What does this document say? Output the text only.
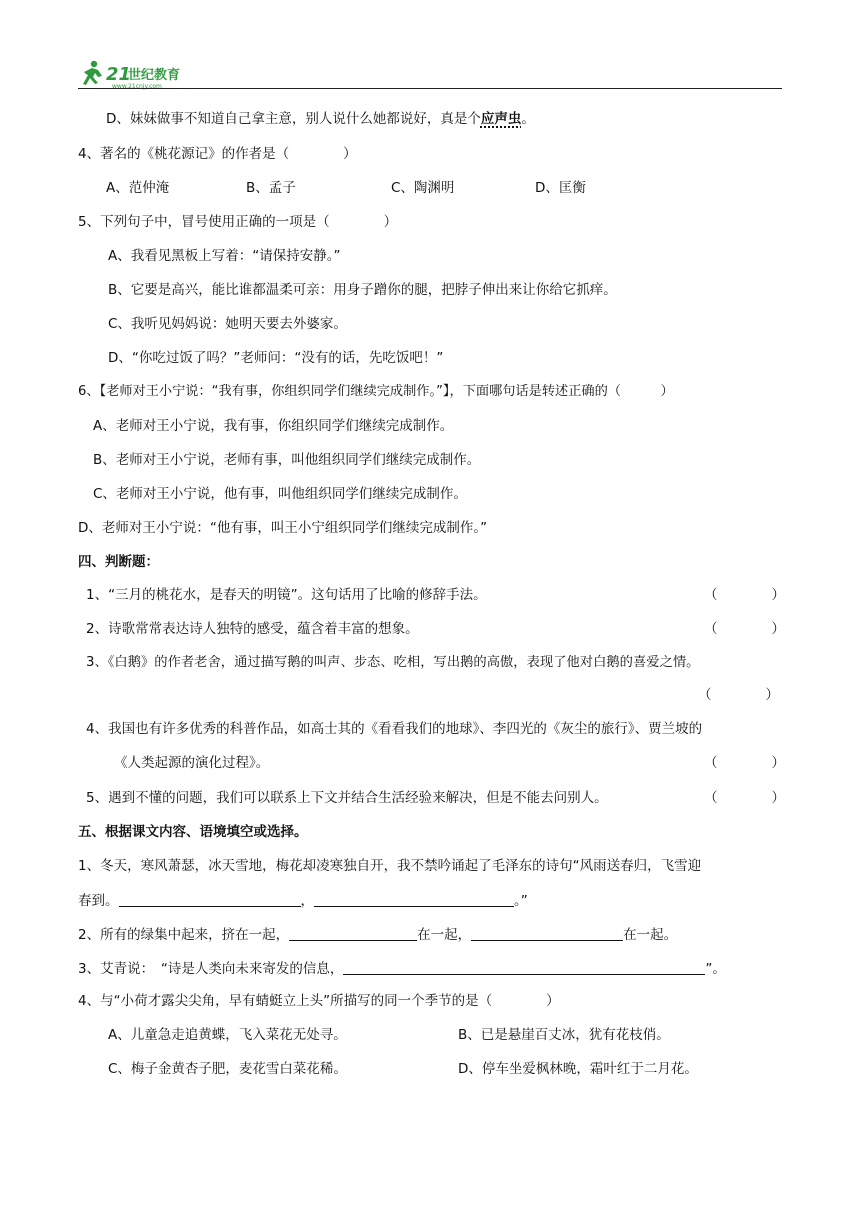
21
世纪教育
www.21cnjy.com
D、妹妹做事不知道自己拿主意，别人说什么她都说好，真是个应声虫。
4、著名的《桃花源记》的作者是（　　　　）
A、范仲淹	B、孟子	C、陶渊明	D、匡衡
5、下列句子中，冒号使用正确的一项是（　　　　）
A、我看见黑板上写着：“请保持安静。”
B、它要是高兴，能比谁都温柔可亲：用身子蹭你的腿，把脖子伸出来让你给它抓痒。
C、我听见妈妈说：她明天要去外婆家。
D、“你吃过饭了吗？”老师问：“没有的话，先吃饭吧！”
6、【老师对王小宁说：“我有事，你组织同学们继续完成制作。”】，下面哪句话是转述正确的（　　　）
A、老师对王小宁说，我有事，你组织同学们继续完成制作。
B、老师对王小宁说，老师有事，叫他组织同学们继续完成制作。
C、老师对王小宁说，他有事，叫他组织同学们继续完成制作。
D、老师对王小宁说：“他有事，叫王小宁组织同学们继续完成制作。”
四、判断题：
1、“三月的桃花水，是春天的明镜”。这句话用了比喻的修辞手法。	（　　　　）
2、诗歌常常表达诗人独特的感受，蕴含着丰富的想象。	（　　　　）
3、《白鹅》的作者老舍，通过描写鹅的叫声、步态、吃相，写出鹅的高傲，表现了他对白鹅的喜爱之情。
（　　　　）
4、我国也有许多优秀的科普作品，如高士其的《看看我们的地球》、李四光的《灰尘的旅行》、贾兰坡的
《人类起源的演化过程》。	（　　　　）
5、遇到不懂的问题，我们可以联系上下文并结合生活经验来解决，但是不能去问别人。	（　　　　）
五、根据课文内容、语境填空或选择。
1、冬天，寒风萧瑟，冰天雪地，梅花却凌寒独自开，我不禁吟诵起了毛泽东的诗句“风雨送春归，飞雪迎
春到。	，	。”
2、所有的绿集中起来，挤在一起，	在一起，	在一起。
3、艾青说：　“诗是人类向未来寄发的信息，	”。
4、与“小荷才露尖尖角，早有蜻蜓立上头”所描写的同一个季节的是（　　　　）
A、儿童急走追黄蝶，飞入菜花无处寻。	B、已是悬崖百丈冰，犹有花枝俏。
C、梅子金黄杏子肥，麦花雪白菜花稀。	D、停车坐爱枫林晚，霜叶红于二月花。
